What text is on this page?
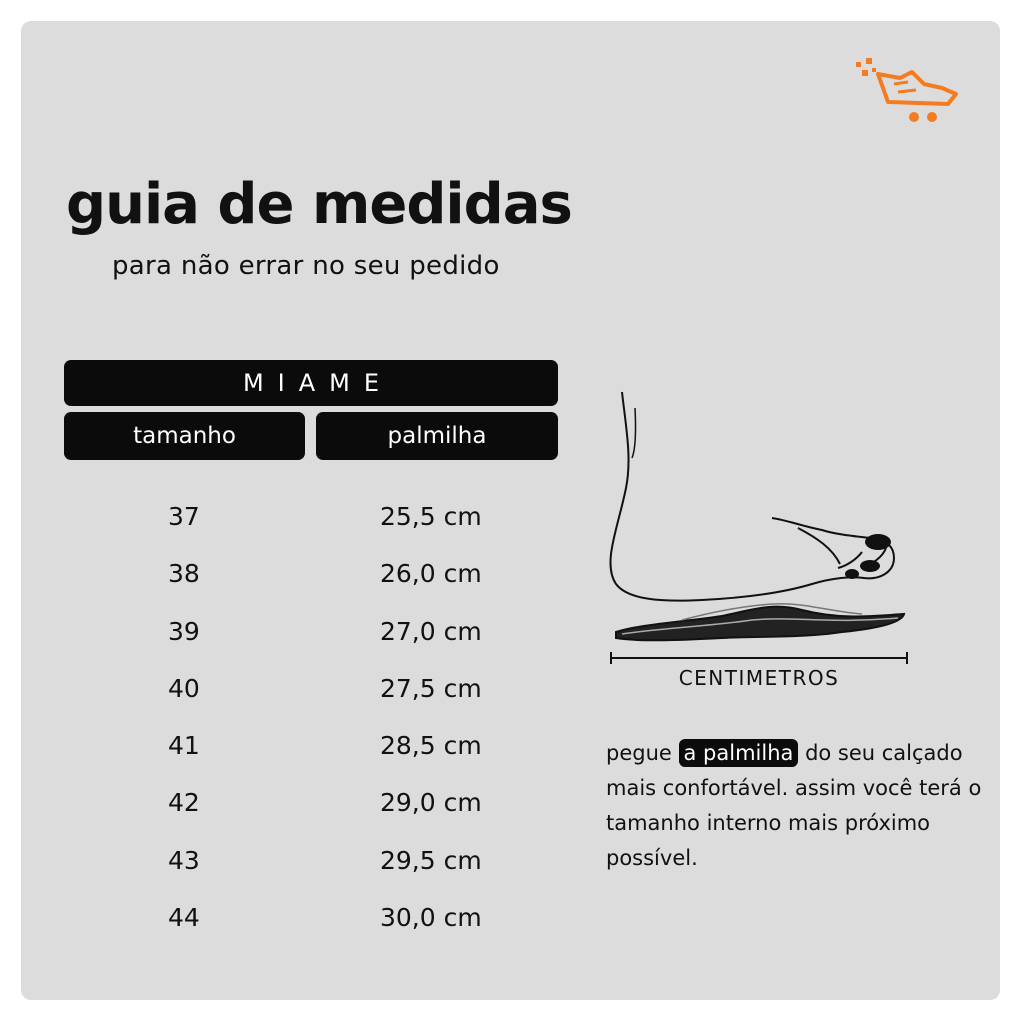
guia de medidas

para não errar no seu pedido

MIAME
tamanho	palmilha
37	25,5 cm
38	26,0 cm
39	27,0 cm
40	27,5 cm
41	28,5 cm
42	29,0 cm
43	29,5 cm
44	30,0 cm
CENTIMETROS
pegue a palmilha do seu calçado mais confortável. assim você terá o tamanho interno mais próximo possível.
